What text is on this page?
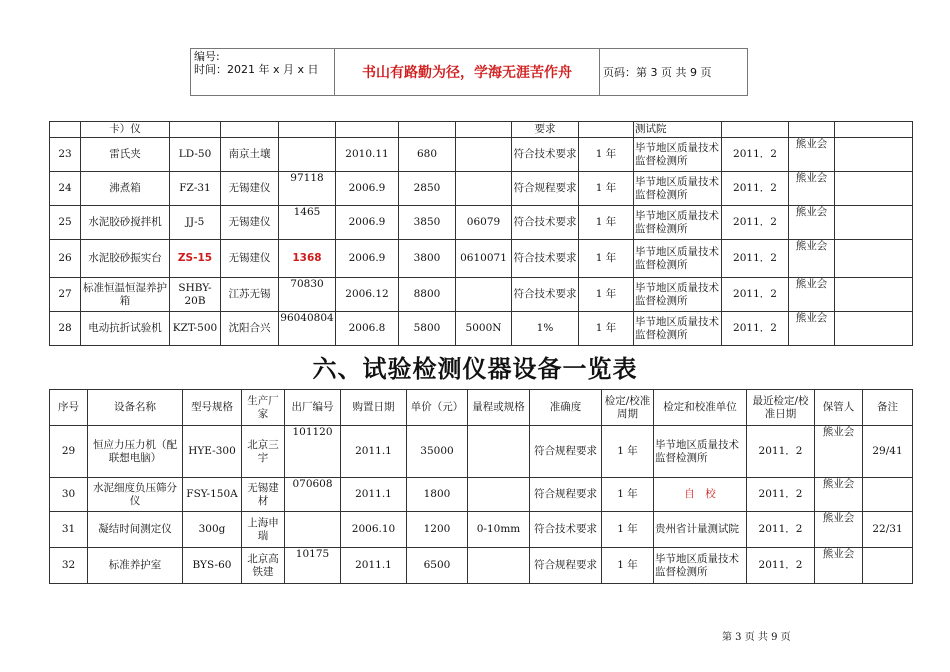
编号:
时间：2021 年 x 月 x 日	书山有路勤为径，学海无涯苦作舟	页码：第 3 页 共 9 页
	卡）仪							要求		测试院			
23	雷氏夹	LD-50	南京土壤		2010.11	680		符合技术要求	1 年	毕节地区质量技术监督检测所	2011．2	熊业会	
24	沸煮箱	FZ-31	无锡建仪	97118	2006.9	2850		符合规程要求	1 年	毕节地区质量技术监督检测所	2011．2	熊业会	
25	水泥胶砂搅拌机	JJ-5	无锡建仪	1465	2006.9	3850	06079	符合技术要求	1 年	毕节地区质量技术监督检测所	2011．2	熊业会	
26	水泥胶砂振实台	ZS-15	无锡建仪	1368	2006.9	3800	0610071	符合技术要求	1 年	毕节地区质量技术监督检测所	2011．2	熊业会	
27	标准恒温恒湿养护箱	SHBY-20B	江苏无锡	70830	2006.12	8800		符合技术要求	1 年	毕节地区质量技术监督检测所	2011．2	熊业会	
28	电动抗折试验机	KZT-500	沈阳合兴	96040804	2006.8	5800	5000N	1%	1 年	毕节地区质量技术监督检测所	2011．2	熊业会	
六、试验检测仪器设备一览表
序号	设备名称	型号规格	生产厂家	出厂编号	购置日期	单价（元）	量程或规格	准确度	检定/校准周期	检定和校准单位	最近检定/校准日期	保管人	备注
29	恒应力压力机（配联想电脑）	HYE-300	北京三宇	101120	2011.1	35000		符合规程要求	1 年	毕节地区质量技术监督检测所	2011．2	熊业会	29/41
30	水泥细度负压筛分仪	FSY-150A	无锡建材	070608	2011.1	1800		符合规程要求	1 年	自　校	2011．2	熊业会	
31	凝结时间测定仪	300g	上海申瑞		2006.10	1200	0-10mm	符合技术要求	1 年	贵州省计量测试院	2011．2	熊业会	22/31
32	标准养护室	BYS-60	北京高铁建	10175	2011.1	6500		符合规程要求	1 年	毕节地区质量技术监督检测所	2011．2	熊业会	
第 3 页 共 9 页
